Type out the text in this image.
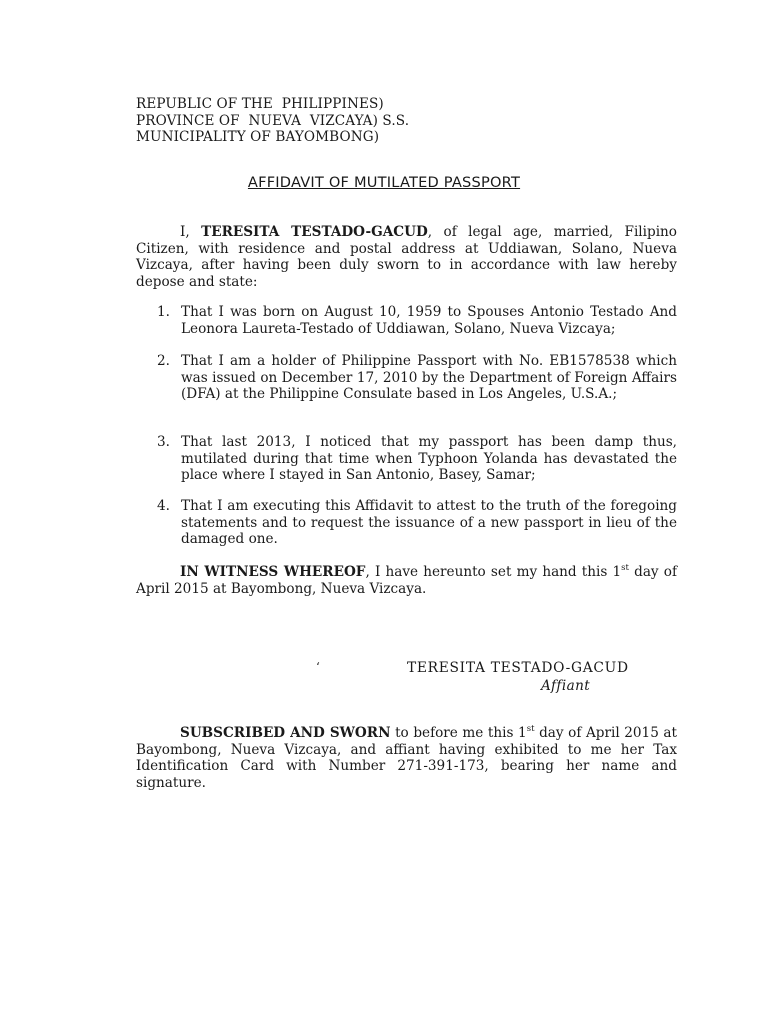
REPUBLIC OF THE  PHILIPPINES)
PROVINCE OF  NUEVA  VIZCAYA) S.S.
MUNICIPALITY OF BAYOMBONG)
AFFIDAVIT OF MUTILATED PASSPORT

I, TERESITA TESTADO-GACUD, of legal age, married, Filipino Citizen, with residence and postal address at Uddiawan, Solano, Nueva Vizcaya, after having been duly sworn to in accordance with law hereby depose and state:

1. That I was born on August 10, 1959 to Spouses Antonio Testado And Leonora Laureta-Testado of Uddiawan, Solano, Nueva Vizcaya;
2. That I am a holder of Philippine Passport with No. EB1578538 which was issued on December 17, 2010 by the Department of Foreign Affairs (DFA) at the Philippine Consulate based in Los Angeles, U.S.A.;
3. That last 2013, I noticed that my passport has been damp thus, mutilated during that time when Typhoon Yolanda has devastated the place where I stayed in San Antonio, Basey, Samar;
4. That I am executing this Affidavit to attest to the truth of the foregoing statements and to request the issuance of a new passport in lieu of the damaged one.

IN WITNESS WHEREOF, I have hereunto set my hand this 1st day of April 2015 at Bayombong, Nueva Vizcaya.

‘	TERESITA TESTADO-GACUD
Affiant

SUBSCRIBED AND SWORN to before me this 1st day of April 2015 at Bayombong, Nueva Vizcaya, and affiant having exhibited to me her Tax Identification Card with Number 271-391-173, bearing her name and signature.
